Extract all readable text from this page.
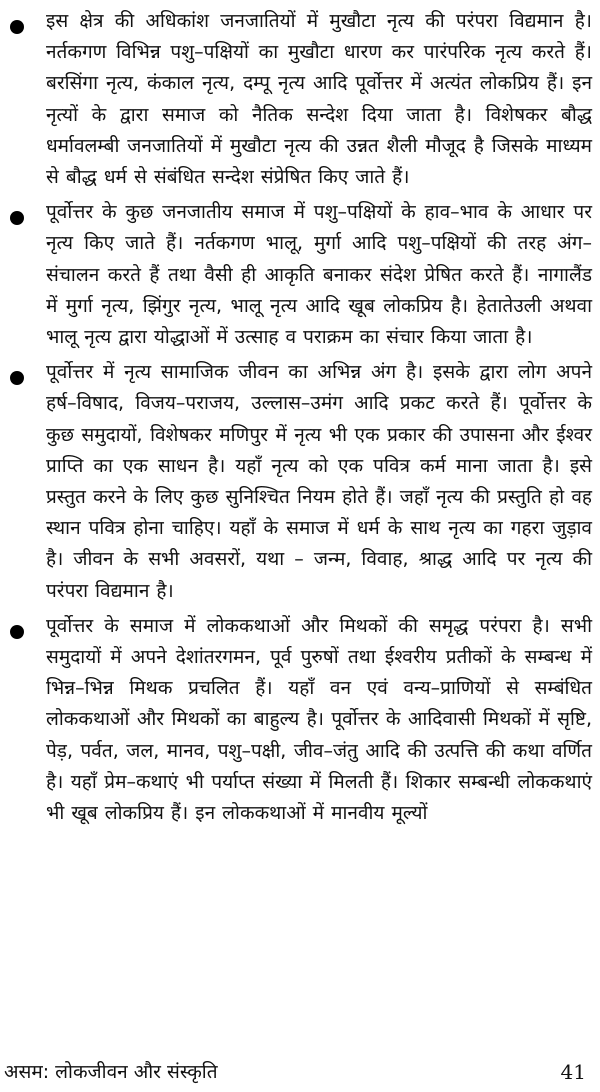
इस क्षेत्र की अधिकांश जनजातियों में मुखौटा नृत्य की परंपरा विद्यमान है। नर्तकगण विभिन्न पशु–पक्षियों का मुखौटा धारण कर पारंपरिक नृत्य करते हैं। बरसिंगा नृत्य, कंकाल नृत्य, दम्पू नृत्य आदि पूर्वोत्तर में अत्यंत लोकप्रिय हैं। इन नृत्यों के द्वारा समाज को नैतिक सन्देश दिया जाता है। विशेषकर बौद्ध धर्मावलम्बी जनजातियों में मुखौटा नृत्य की उन्नत शैली मौजूद है जिसके माध्यम से बौद्ध धर्म से संबंधित सन्देश संप्रेषित किए जाते हैं।
पूर्वोत्तर के कुछ जनजातीय समाज में पशु–पक्षियों के हाव–भाव के आधार पर नृत्य किए जाते हैं। नर्तकगण भालू, मुर्गा आदि पशु–पक्षियों की तरह अंग–संचालन करते हैं तथा वैसी ही आकृति बनाकर संदेश प्रेषित करते हैं। नागालैंड में मुर्गा नृत्य, झिंगुर नृत्य, भालू नृत्य आदि खूब लोकप्रिय है। हेतातेउली अथवा भालू नृत्य द्वारा योद्धाओं में उत्साह व पराक्रम का संचार किया जाता है।
पूर्वोत्तर में नृत्य सामाजिक जीवन का अभिन्न अंग है। इसके द्वारा लोग अपने हर्ष–विषाद, विजय–पराजय, उल्लास–उमंग आदि प्रकट करते हैं। पूर्वोत्तर के कुछ समुदायों, विशेषकर मणिपुर में नृत्य भी एक प्रकार की उपासना और ईश्वर प्राप्ति का एक साधन है। यहाँ नृत्य को एक पवित्र कर्म माना जाता है। इसे प्रस्तुत करने के लिए कुछ सुनिश्चित नियम होते हैं। जहाँ नृत्य की प्रस्तुति हो वह स्थान पवित्र होना चाहिए। यहाँ के समाज में धर्म के साथ नृत्य का गहरा जुड़ाव है। जीवन के सभी अवसरों, यथा – जन्म, विवाह, श्राद्ध आदि पर नृत्य की परंपरा विद्यमान है।
पूर्वोत्तर के समाज में लोककथाओं और मिथकों की समृद्ध परंपरा है। सभी समुदायों में अपने देशांतरगमन, पूर्व पुरुषों तथा ईश्वरीय प्रतीकों के सम्बन्ध में भिन्न–भिन्न मिथक प्रचलित हैं। यहाँ वन एवं वन्य–प्राणियों से सम्बंधित लोककथाओं और मिथकों का बाहुल्य है। पूर्वोत्तर के आदिवासी मिथकों में सृष्टि, पेड़, पर्वत, जल, मानव, पशु–पक्षी, जीव–जंतु आदि की उत्पत्ति की कथा वर्णित है। यहाँ प्रेम–कथाएं भी पर्याप्त संख्या में मिलती हैं। शिकार सम्बन्धी लोककथाएं भी खूब लोकप्रिय हैं। इन लोककथाओं में मानवीय मूल्यों
असम: लोकजीवन और संस्कृति	41
